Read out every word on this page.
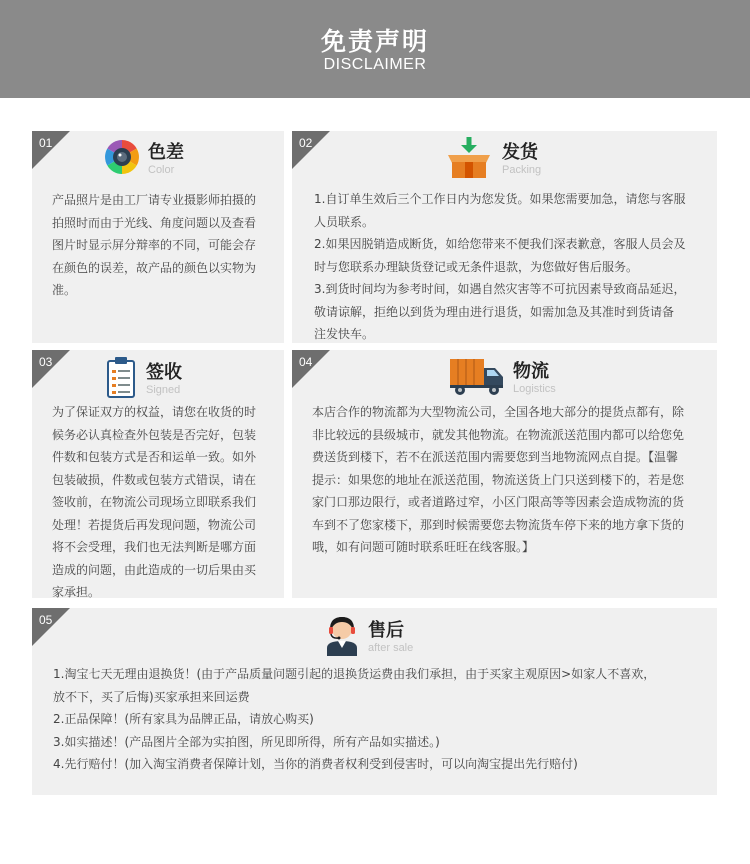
免责声明
DISCLAIMER
01	色差
Color

产品照片是由工厂请专业摄影师拍摄的

拍照时而由于光线、角度问题以及查看

图片时显示屏分辩率的不同，可能会存

在颜色的误差，故产品的颜色以实物为

准。

02	发货
Packing

1.自订单生效后三个工作日内为您发货。如果您需要加急，请您与客服

人员联系。

2.如果因脱销造成断货，如给您带来不便我们深表歉意，客服人员会及

时与您联系办理缺货登记或无条件退款，为您做好售后服务。

3.到货时间均为参考时间，如遇自然灾害等不可抗因素导致商品延迟，

敬请谅解，拒绝以到货为理由进行退货，如需加急及其准时到货请备

注发快车。

03	签收
Signed

为了保证双方的权益，请您在收货的时

候务必认真检查外包装是否完好，包装

件数和包装方式是否和运单一致。如外

包装破损，件数或包装方式错误，请在

签收前，在物流公司现场立即联系我们

处理！若提货后再发现问题，物流公司

将不会受理，我们也无法判断是哪方面

造成的问题，由此造成的一切后果由买

家承担。

04	物流
Logistics

本店合作的物流都为大型物流公司，全国各地大部分的提货点都有，除

非比较远的县级城市，就发其他物流。在物流派送范围内都可以给您免

费送货到楼下，若不在派送范围内需要您到当地物流网点自提。【温馨

提示：如果您的地址在派送范围，物流送货上门只送到楼下的，若是您

家门口那边限行，或者道路过窄，小区门限高等等因素会造成物流的货

车到不了您家楼下，那到时候需要您去物流货车停下来的地方拿下货的

哦，如有问题可随时联系旺旺在线客服。】

05	售后
after sale

1.淘宝七天无理由退换货！(由于产品质量问题引起的退换货运费由我们承担，由于买家主观原因>如家人不喜欢，

放不下，买了后悔)买家承担来回运费

2.正品保障！(所有家具为品牌正品，请放心购买)

3.如实描述！(产品图片全部为实拍图，所见即所得，所有产品如实描述。)

4.先行赔付！(加入淘宝消费者保障计划，当你的消费者权利受到侵害时，可以向淘宝提出先行赔付)
